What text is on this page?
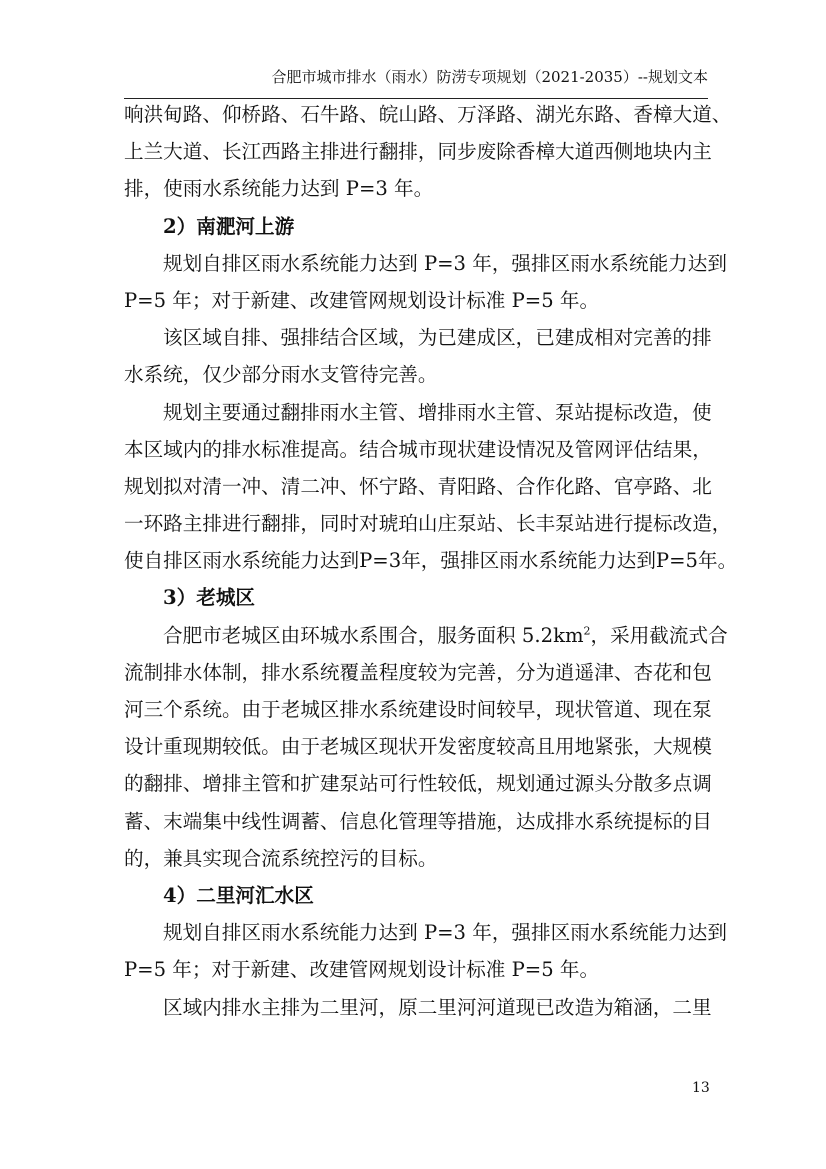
合肥市城市排水（雨水）防涝专项规划（2021-2035）--规划文本
响洪甸路、仰桥路、石牛路、皖山路、万泽路、湖光东路、香樟大道、
上兰大道、长江西路主排进行翻排，同步废除香樟大道西侧地块内主
排，使雨水系统能力达到 P=3 年。
2）南淝河上游
规划自排区雨水系统能力达到 P=3 年，强排区雨水系统能力达到
P=5 年；对于新建、改建管网规划设计标准 P=5 年。
该区域自排、强排结合区域，为已建成区，已建成相对完善的排
水系统，仅少部分雨水支管待完善。
规划主要通过翻排雨水主管、增排雨水主管、泵站提标改造，使
本区域内的排水标准提高。结合城市现状建设情况及管网评估结果，
规划拟对清一冲、清二冲、怀宁路、青阳路、合作化路、官亭路、北
一环路主排进行翻排，同时对琥珀山庄泵站、长丰泵站进行提标改造，
使自排区雨水系统能力达到P=3年，强排区雨水系统能力达到P=5年。
3）老城区
合肥市老城区由环城水系围合，服务面积 $5.2km^2$，采用截流式合
流制排水体制，排水系统覆盖程度较为完善，分为逍遥津、杏花和包
河三个系统。由于老城区排水系统建设时间较早，现状管道、现在泵
设计重现期较低。由于老城区现状开发密度较高且用地紧张，大规模
的翻排、增排主管和扩建泵站可行性较低，规划通过源头分散多点调
蓄、末端集中线性调蓄、信息化管理等措施，达成排水系统提标的目
的，兼具实现合流系统控污的目标。
4）二里河汇水区
规划自排区雨水系统能力达到 P=3 年，强排区雨水系统能力达到
P=5 年；对于新建、改建管网规划设计标准 P=5 年。
区域内排水主排为二里河，原二里河河道现已改造为箱涵，二里
13
